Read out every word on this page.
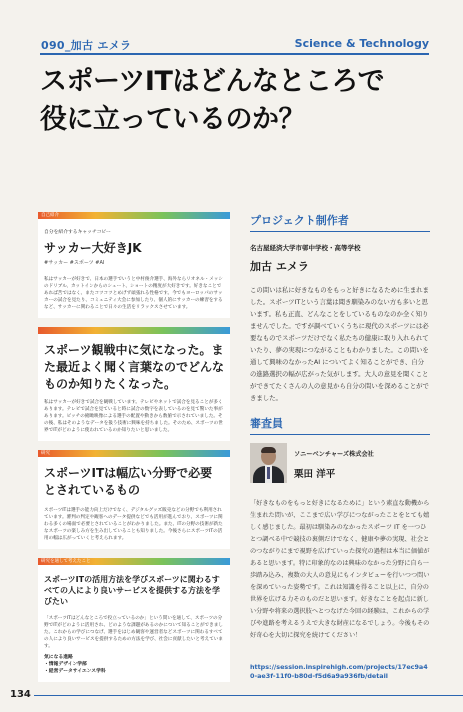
090_加古 エメラ	Science & Technology
スポーツITはどんなところで
役に立っているのか？
自己紹介
自分を紹介するキャッチコピー
サッカー大好きJK
#サッカー #スポーツ #AI
私はサッカーが好きで、日本の選手でいうと中村俊介選手、海外ならリオネル・メッシのドリブル、カットインからのシュート、ショートの精度が大好きです。好きなことであれば苦ではなく、またコツコツとめげず頑張れる性格です。今でもヨーロッパのサッカーの試合を見たり、コミュニティ大会に参加したり、個人的にサッカーの練習をするなど、サッカーに関わることで日々の生活をリラックスさせています。
スポーツ観戦中に気になった。また最近よく聞く言葉なのでどんなものか知りたくなった。
私はサッカーが好きで試合を観戦しています。テレビやネットで試合を見ることが多くあります。テレビで試合を見ていると時に試合の数字を表しているのを見て驚いた事があります。ピッチの俯瞰映像による選手の配置や動きから数値で示されていました。その後、私はそのようなデータを扱う技術に興味を持ちました。そのため、スポーツの世界でITがどのように使われているのか知りたいと思いました。
研究
スポーツITは幅広い分野で必要とされているもの
スポーツITは選手の能力向上だけでなく、デジタルグッズ販売などの分野でも利用されています。審判の判定や観客へのデータ提供などでも活用が進んでおり、スポーツに関わる多くの場面で必要とされていることがわかりました。また、ITの分野の技術が新たなスポーツの楽しみ方を生み出していることも知りました。今後さらにスポーツITの活用の幅は広がっていくと考えられます。
研究を通して考えたこと
スポーツITの活用方法を学びスポーツに関わるすべての人により良いサービスを提供する方法を学びたい
「スポーツITはどんなところで役立っているのか」という問いを通して、スポーツの分野でITがどのように活用され、どのような課題があるのかについて知ることができました。これからの学びにつなげ、選手をはじめ観客や運営者などスポーツに関わるすべての人により良いサービスを提供するための方法を学び、社会に貢献したいと考えています。
気になる進路
・情報デザイン学部
・経営データサイエンス学科
プロジェクト制作者
名古屋経済大学市邨中学校・高等学校
加古 エメラ
この問いは私に好きなものをもっと好きになるために生まれました。スポーツITという言葉は聞き馴染みのない方も多いと思います。私も正直、どんなことをしているものなのか全く知りませんでした。ですが調べていくうちに現代のスポーツには必要なものでスポーツだけでなく私たちの健康に取り入れられていたり、夢の実現につながることもわかりました。この問いを通して興味のなかったAI についてよく知ることができ、自分の進路選択の幅が広がった気がします。大人の意見を聞くことができてたくさんの人の意見から自分の問いを深めることができました。
審査員
ソニーベンチャーズ株式会社
栗田 洋平
「好きなものをもっと好きになるために」という素直な動機から生まれた問いが、ここまで広い学びにつながったことをとても嬉しく感じました。最初は馴染みのなかったスポーツ IT を一つひとつ調べる中で競技の裏側だけでなく、健康や夢の実現、社会とのつながりにまで視野を広げていった探究の過程は本当に価値があると思います。特に印象的なのは興味のなかった分野に自ら一歩踏み込み、複数の大人の意見にもインタビューを行いつつ問いを深めていった姿勢です。これは知識を得ること以上に、自分の世界を広げる力そのものだと思います。好きなことを起点に新しい分野や将来の選択肢へとつなげた今回の経験は、これからの学びや進路を考えるうえで大きな財産になるでしょう。今後もその好奇心を大切に探究を続けてください！
https://session.inspirehigh.com/projects/17ec9a40-ae3f-11f0-b80d-f5d6a9a936fb/detail
134
